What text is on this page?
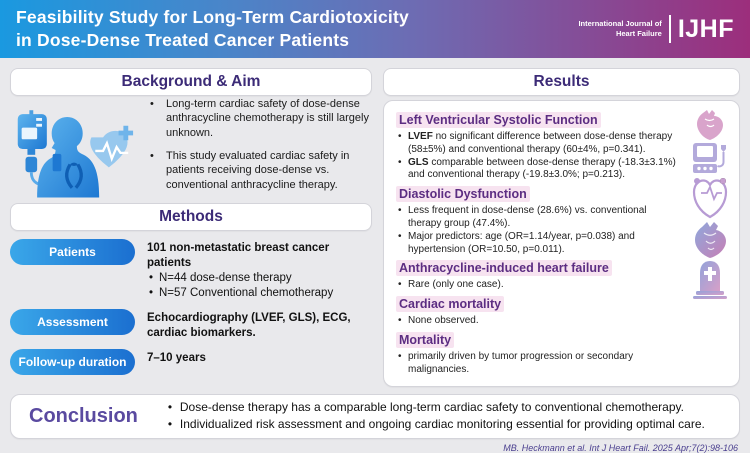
Feasibility Study for Long-Term Cardiotoxicity
in Dose-Dense Treated Cancer Patients
International Journal of
Heart Failure IJHF
Background & Aim
• Long-term cardiac safety of dose-dense anthracycline chemotherapy is still largely unknown.
• This study evaluated cardiac safety in patients receiving dose-dense vs. conventional anthracycline therapy.
Methods
Patients	101 non-metastatic breast cancer patients
• N=44 dose-dense therapy
• N=57 Conventional chemotherapy
Assessment	Echocardiography (LVEF, GLS), ECG, cardiac biomarkers.
Follow-up duration	7–10 years
Results
Left Ventricular Systolic Function
• LVEF no significant difference between dose-dense therapy (58±5%) and conventional therapy (60±4%, p=0.341).
• GLS comparable between dose-dense therapy (-18.3±3.1%) and conventional therapy (-19.8±3.0%; p=0.213).
Diastolic Dysfunction
• Less frequent in dose-dense (28.6%) vs. conventional therapy group (47.4%).
• Major predictors: age (OR=1.14/year, p=0.038) and hypertension (OR=10.50, p=0.011).
Anthracycline-induced heart failure
• Rare (only one case).
Cardiac mortality
• None observed.
Mortality
• primarily driven by tumor progression or secondary malignancies.
Conclusion	• Dose-dense therapy has a comparable long-term cardiac safety to conventional chemotherapy.
• Individualized risk assessment and ongoing cardiac monitoring essential for providing optimal care.
MB. Heckmann et al. Int J Heart Fail. 2025 Apr;7(2):98-106
